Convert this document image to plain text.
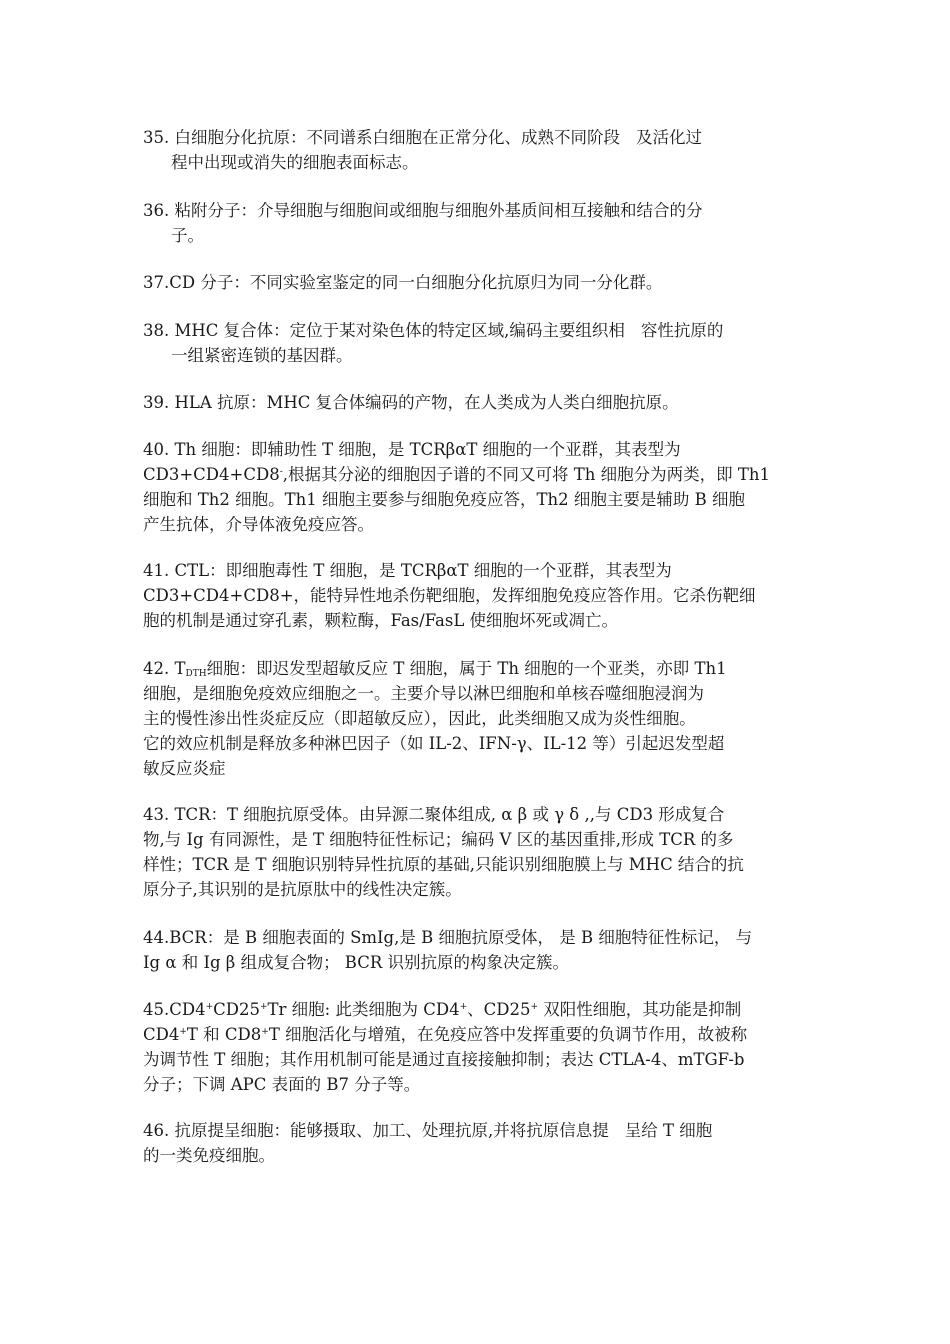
35. 白细胞分化抗原：不同谱系白细胞在正常分化、成熟不同阶段 及活化过
程中出现或消失的细胞表面标志。

36. 粘附分子：介导细胞与细胞间或细胞与细胞外基质间相互接触和结合的分
子。

37.CD 分子：不同实验室鉴定的同一白细胞分化抗原归为同一分化群。

38. MHC 复合体：定位于某对染色体的特定区域,编码主要组织相 容性抗原的
一组紧密连锁的基因群。

39. HLA 抗原：MHC 复合体编码的产物，在人类成为人类白细胞抗原。

40. Th 细胞：即辅助性 T 细胞，是 TCRβαT 细胞的一个亚群，其表型为
CD3+CD4+CD8-,根据其分泌的细胞因子谱的不同又可将 Th 细胞分为两类，即 Th1
细胞和 Th2 细胞。Th1 细胞主要参与细胞免疫应答，Th2 细胞主要是辅助 B 细胞
产生抗体，介导体液免疫应答。

41. CTL：即细胞毒性 T 细胞，是 TCRβαT 细胞的一个亚群，其表型为
CD3+CD4+CD8+，能特异性地杀伤靶细胞，发挥细胞免疫应答作用。它杀伤靶细
胞的机制是通过穿孔素，颗粒酶，Fas/FasL 使细胞坏死或凋亡。

42. $T_{DTH}$细胞：即迟发型超敏反应 T 细胞，属于 Th 细胞的一个亚类，亦即 Th1
细胞，是细胞免疫效应细胞之一。主要介导以淋巴细胞和单核吞噬细胞浸润为
主的慢性渗出性炎症反应（即超敏反应），因此，此类细胞又成为炎性细胞。
它的效应机制是释放多种淋巴因子（如 IL-2、IFN-γ、IL-12 等）引起迟发型超
敏反应炎症

43. TCR：T 细胞抗原受体。由异源二聚体组成, α β 或 γ δ ,,与 CD3 形成复合
物,与 Ig 有同源性，是 T 细胞特征性标记；编码 V 区的基因重排,形成 TCR 的多
样性；TCR 是 T 细胞识别特异性抗原的基础,只能识别细胞膜上与 MHC 结合的抗
原分子,其识别的是抗原肽中的线性决定簇。

44.BCR：是 B 细胞表面的 SmIg,是 B 细胞抗原受体， 是 B 细胞特征性标记， 与
Ig α 和 Ig β 组成复合物； BCR 识别抗原的构象决定簇。

45.CD4+CD25+Tr 细胞: 此类细胞为 CD4+、CD25+ 双阳性细胞，其功能是抑制
CD4+T 和 CD8+T 细胞活化与增殖，在免疫应答中发挥重要的负调节作用，故被称
为调节性 T 细胞；其作用机制可能是通过直接接触抑制；表达 CTLA-4、mTGF-b
分子；下调 APC 表面的 B7 分子等。

46. 抗原提呈细胞：能够摄取、加工、处理抗原,并将抗原信息提 呈给 T 细胞
的一类免疫细胞。
